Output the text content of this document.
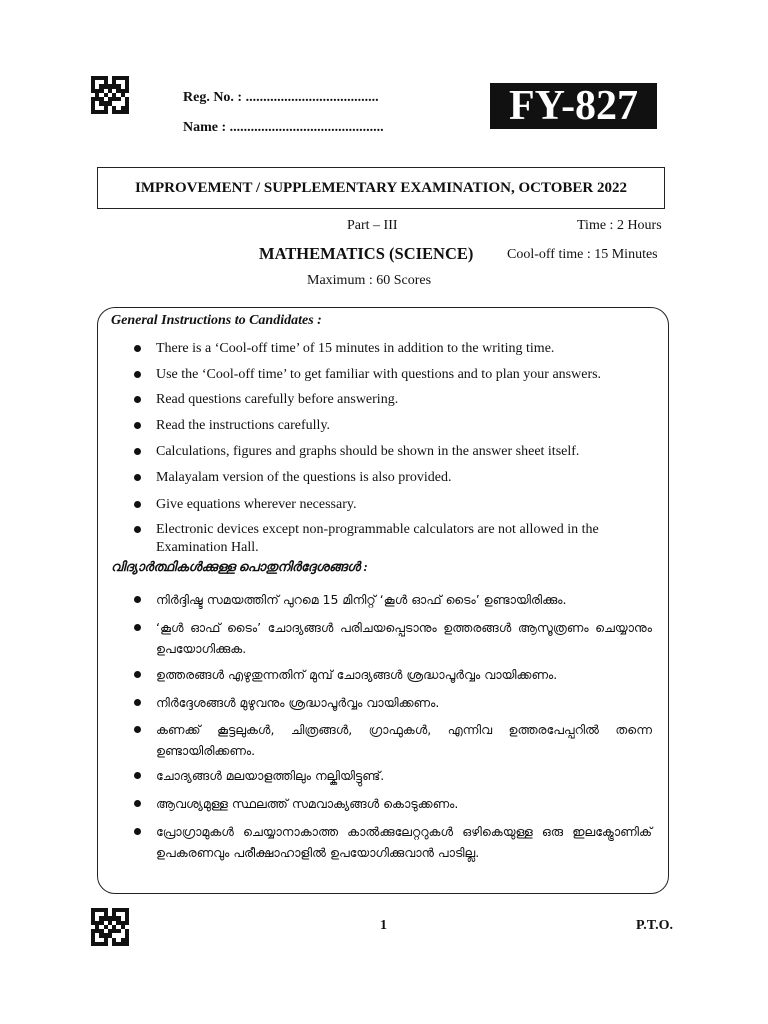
Reg. No. : ......................................
Name : ............................................	FY-827
IMPROVEMENT / SUPPLEMENTARY EXAMINATION, OCTOBER 2022
Part – III	Time : 2 Hours
MATHEMATICS (SCIENCE) Cool-off time : 15 Minutes
Maximum : 60 Scores
General Instructions to Candidates :
There is a ‘Cool-off time’ of 15 minutes in addition to the writing time.
Use the ‘Cool-off time’ to get familiar with questions and to plan your answers.
Read questions carefully before answering.
Read the instructions carefully.
Calculations, figures and graphs should be shown in the answer sheet itself.
Malayalam version of the questions is also provided.
Give equations wherever necessary.
Electronic devices except non-programmable calculators are not allowed in the Examination Hall.
വിദ്യാർത്ഥികൾക്കുള്ള പൊതുനിർദ്ദേശങ്ങൾ :
നിർദ്ദിഷ്ട സമയത്തിന് പുറമെ 15 മിനിറ്റ് ‘കൂൾ ഓഫ് ടൈം’ ഉണ്ടായിരിക്കും.
‘കൂൾ ഓഫ് ടൈം’ ചോദ്യങ്ങൾ പരിചയപ്പെടാനും ഉത്തരങ്ങൾ ആസൂത്രണം ചെയ്യാനും ഉപയോഗിക്കുക.
ഉത്തരങ്ങൾ എഴുതുന്നതിന് മുമ്പ് ചോദ്യങ്ങൾ ശ്രദ്ധാപൂർവ്വം വായിക്കണം.
നിർദ്ദേശങ്ങൾ മുഴുവനും ശ്രദ്ധാപൂർവ്വം വായിക്കണം.
കണക്ക് കൂട്ടലുകൾ, ചിത്രങ്ങൾ, ഗ്രാഫുകൾ, എന്നിവ ഉത്തരപേപ്പറിൽ തന്നെ ഉണ്ടായിരിക്കണം.
ചോദ്യങ്ങൾ മലയാളത്തിലും നല്കിയിട്ടുണ്ട്.
ആവശ്യമുള്ള സ്ഥലത്ത് സമവാക്യങ്ങൾ കൊടുക്കണം.
പ്രോഗ്രാമുകൾ ചെയ്യാനാകാത്ത കാൽക്കുലേറ്ററുകൾ ഒഴികെയുള്ള ഒരു ഇലക്ട്രോണിക് ഉപകരണവും പരീക്ഷാഹാളിൽ ഉപയോഗിക്കുവാൻ പാടില്ല.
1	P.T.O.
